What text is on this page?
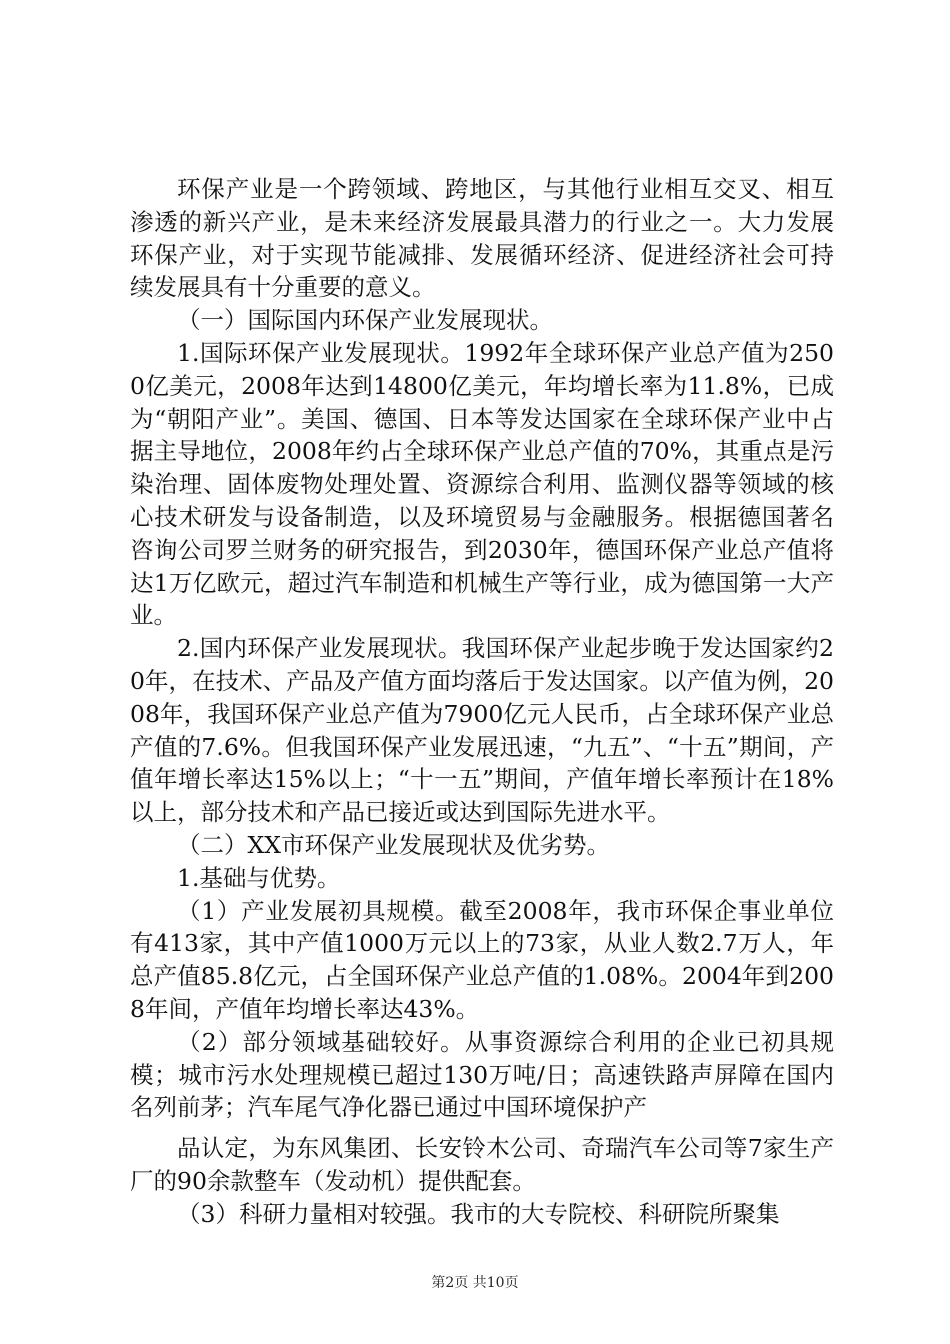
环保产业是一个跨领域、跨地区，与其他行业相互交叉、相互渗透的新兴产业，是未来经济发展最具潜力的行业之一。大力发展环保产业，对于实现节能减排、发展循环经济、促进经济社会可持续发展具有十分重要的意义。

（一）国际国内环保产业发展现状。

1.国际环保产业发展现状。1992年全球环保产业总产值为2500亿美元，2008年达到14800亿美元，年均增长率为11.8%，已成为“朝阳产业”。美国、德国、日本等发达国家在全球环保产业中占据主导地位，2008年约占全球环保产业总产值的70%，其重点是污染治理、固体废物处理处置、资源综合利用、监测仪器等领域的核心技术研发与设备制造，以及环境贸易与金融服务。根据德国著名咨询公司罗兰财务的研究报告，到2030年，德国环保产业总产值将达1万亿欧元，超过汽车制造和机械生产等行业，成为德国第一大产业。

2.国内环保产业发展现状。我国环保产业起步晚于发达国家约20年，在技术、产品及产值方面均落后于发达国家。以产值为例，2008年，我国环保产业总产值为7900亿元人民币，占全球环保产业总产值的7.6%。但我国环保产业发展迅速，“九五”、“十五”期间，产值年增长率达15%以上；“十一五”期间，产值年增长率预计在18%以上，部分技术和产品已接近或达到国际先进水平。

（二）XX市环保产业发展现状及优劣势。

1.基础与优势。

（1）产业发展初具规模。截至2008年，我市环保企事业单位有413家，其中产值1000万元以上的73家，从业人数2.7万人，年总产值85.8亿元，占全国环保产业总产值的1.08%。2004年到2008年间，产值年均增长率达43%。

（2）部分领域基础较好。从事资源综合利用的企业已初具规模；城市污水处理规模已超过130万吨/日；高速铁路声屏障在国内名列前茅；汽车尾气净化器已通过中国环境保护产

品认定，为东风集团、长安铃木公司、奇瑞汽车公司等7家生产厂的90余款整车（发动机）提供配套。

（3）科研力量相对较强。我市的大专院校、科研院所聚集

第2页 共10页
